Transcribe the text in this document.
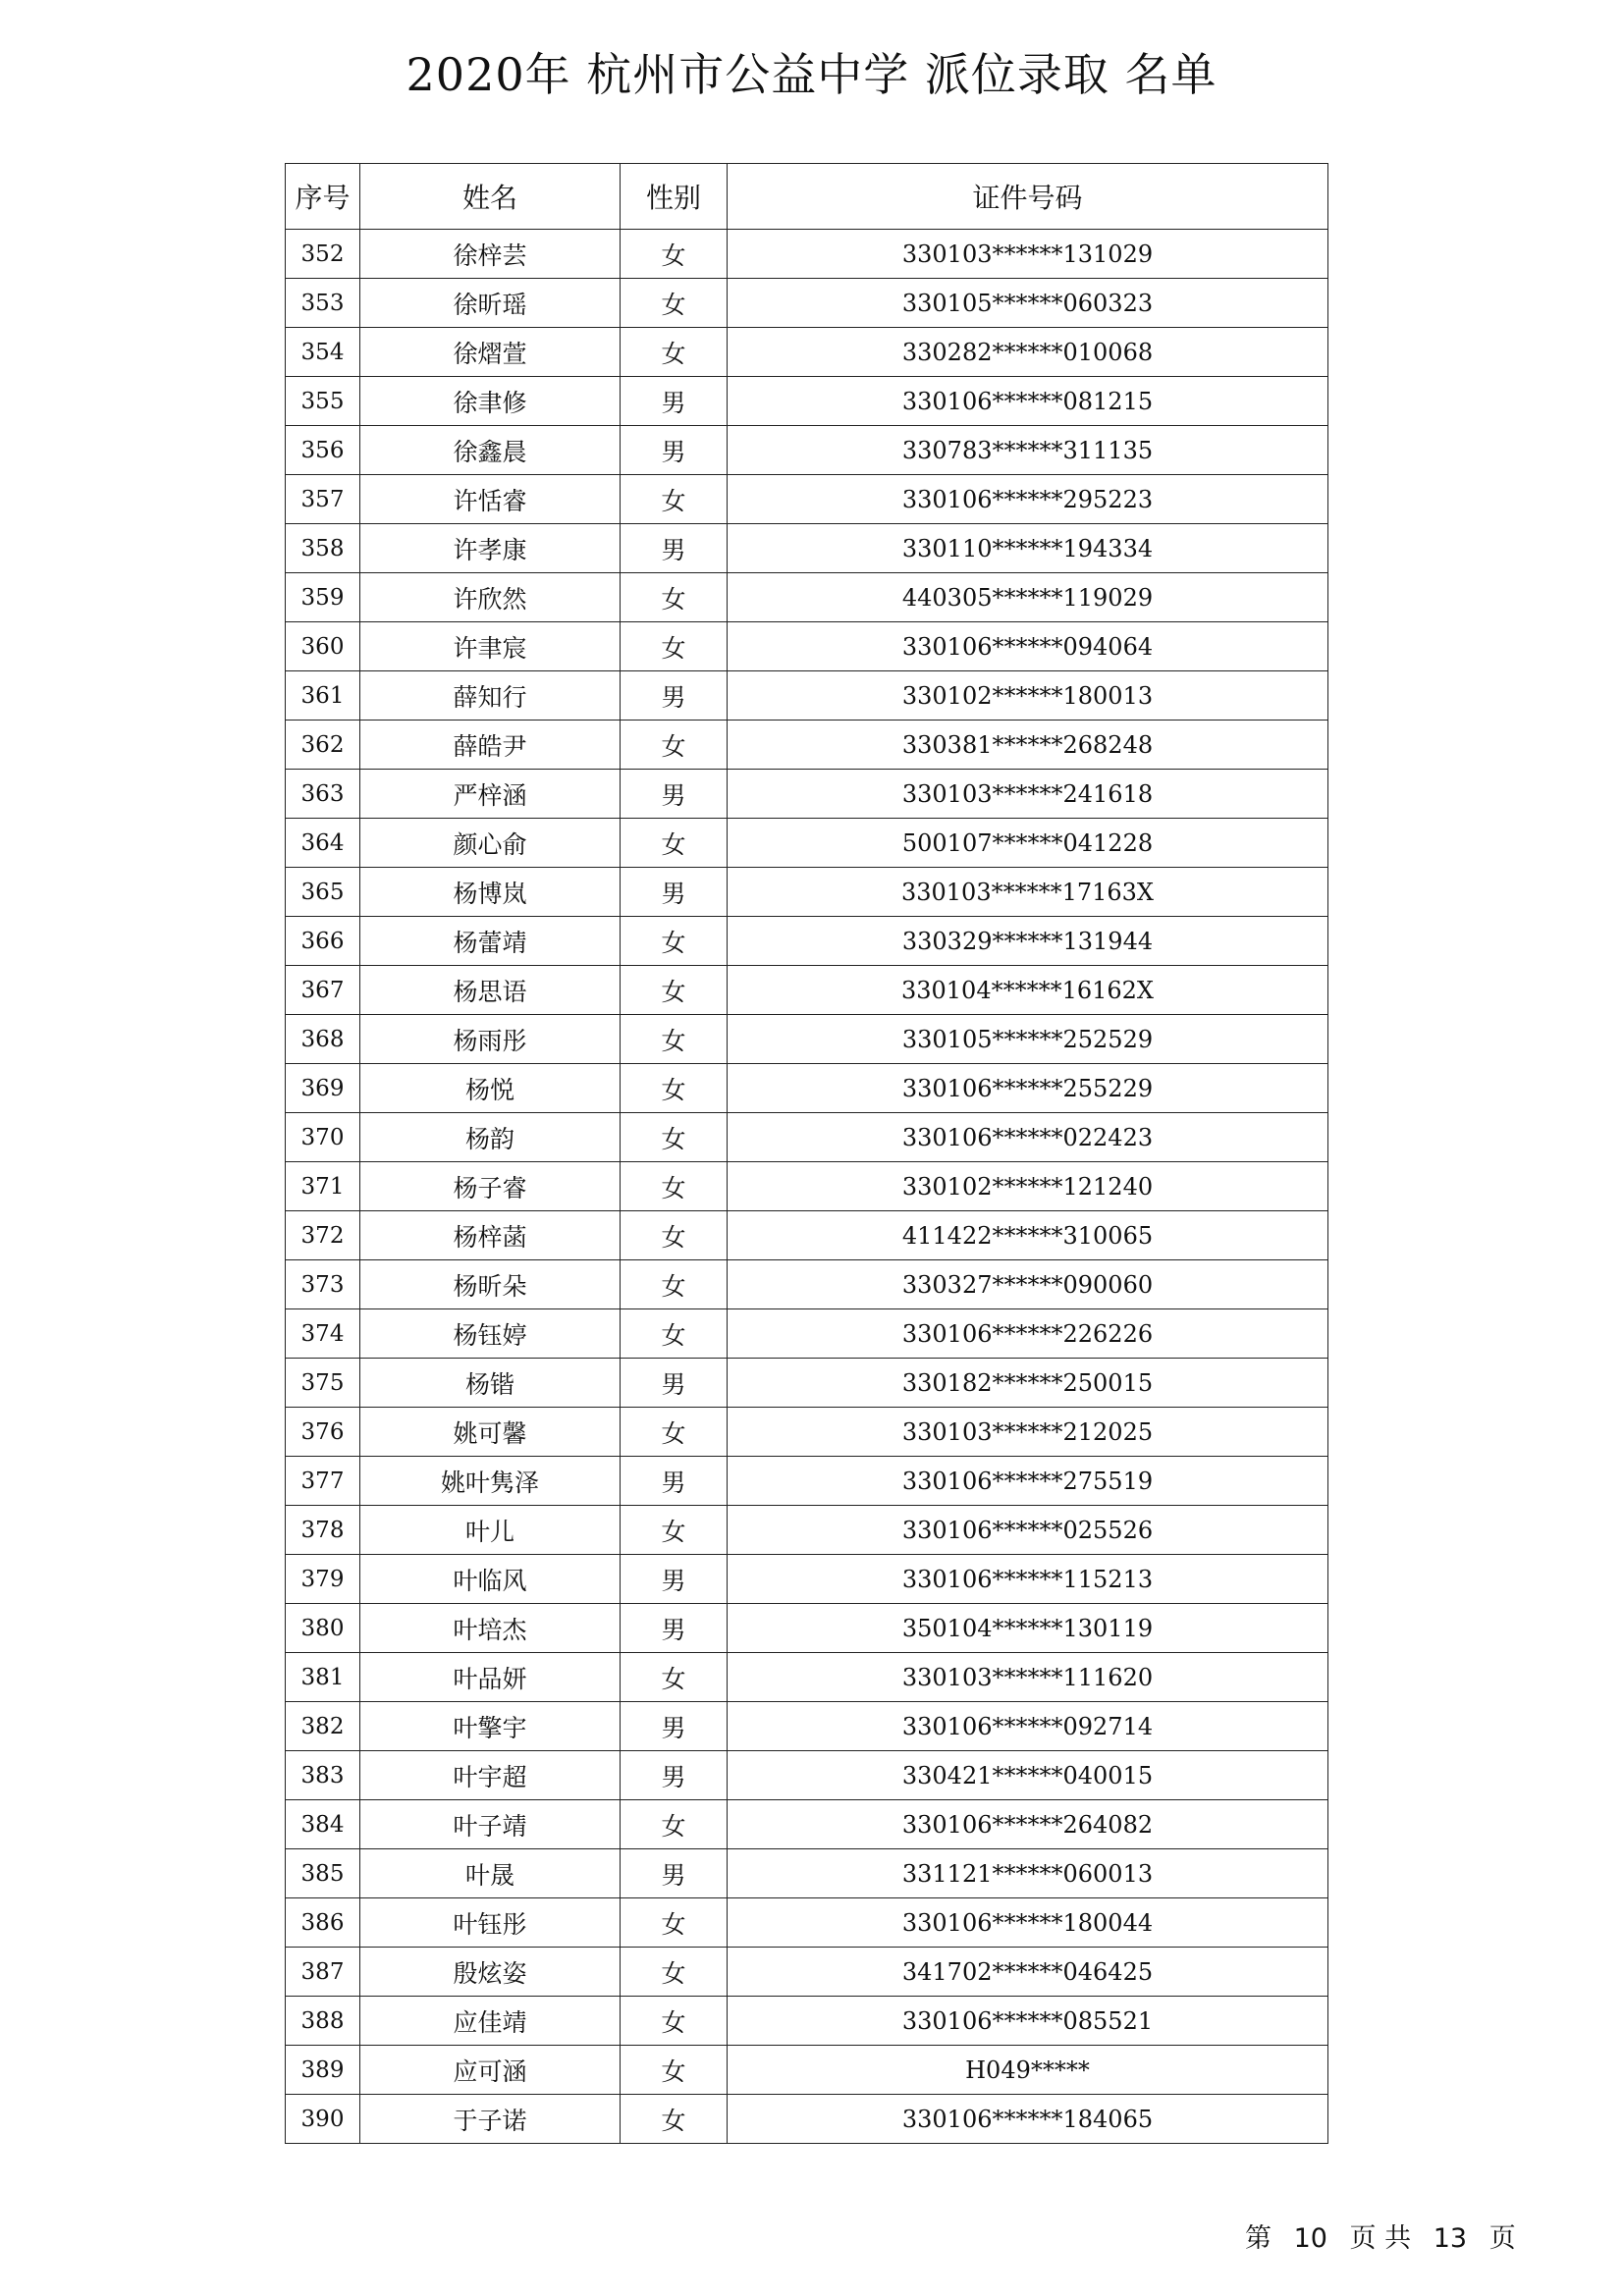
2020年 杭州市公益中学 派位录取 名单
序号	姓名	性别	证件号码
352	徐梓芸	女	330103******131029
353	徐昕瑶	女	330105******060323
354	徐熠萱	女	330282******010068
355	徐聿修	男	330106******081215
356	徐鑫晨	男	330783******311135
357	许恬睿	女	330106******295223
358	许孝康	男	330110******194334
359	许欣然	女	440305******119029
360	许聿宸	女	330106******094064
361	薛知行	男	330102******180013
362	薛皓尹	女	330381******268248
363	严梓涵	男	330103******241618
364	颜心俞	女	500107******041228
365	杨博岚	男	330103******17163X
366	杨蕾靖	女	330329******131944
367	杨思语	女	330104******16162X
368	杨雨彤	女	330105******252529
369	杨悦	女	330106******255229
370	杨韵	女	330106******022423
371	杨子睿	女	330102******121240
372	杨梓菡	女	411422******310065
373	杨昕朵	女	330327******090060
374	杨钰婷	女	330106******226226
375	杨锴	男	330182******250015
376	姚可馨	女	330103******212025
377	姚叶隽泽	男	330106******275519
378	叶儿	女	330106******025526
379	叶临风	男	330106******115213
380	叶培杰	男	350104******130119
381	叶品妍	女	330103******111620
382	叶擎宇	男	330106******092714
383	叶宇超	男	330421******040015
384	叶子靖	女	330106******264082
385	叶晟	男	331121******060013
386	叶钰彤	女	330106******180044
387	殷炫姿	女	341702******046425
388	应佳靖	女	330106******085521
389	应可涵	女	H049*****
390	于子诺	女	330106******184065
第 10 页 共 13 页
